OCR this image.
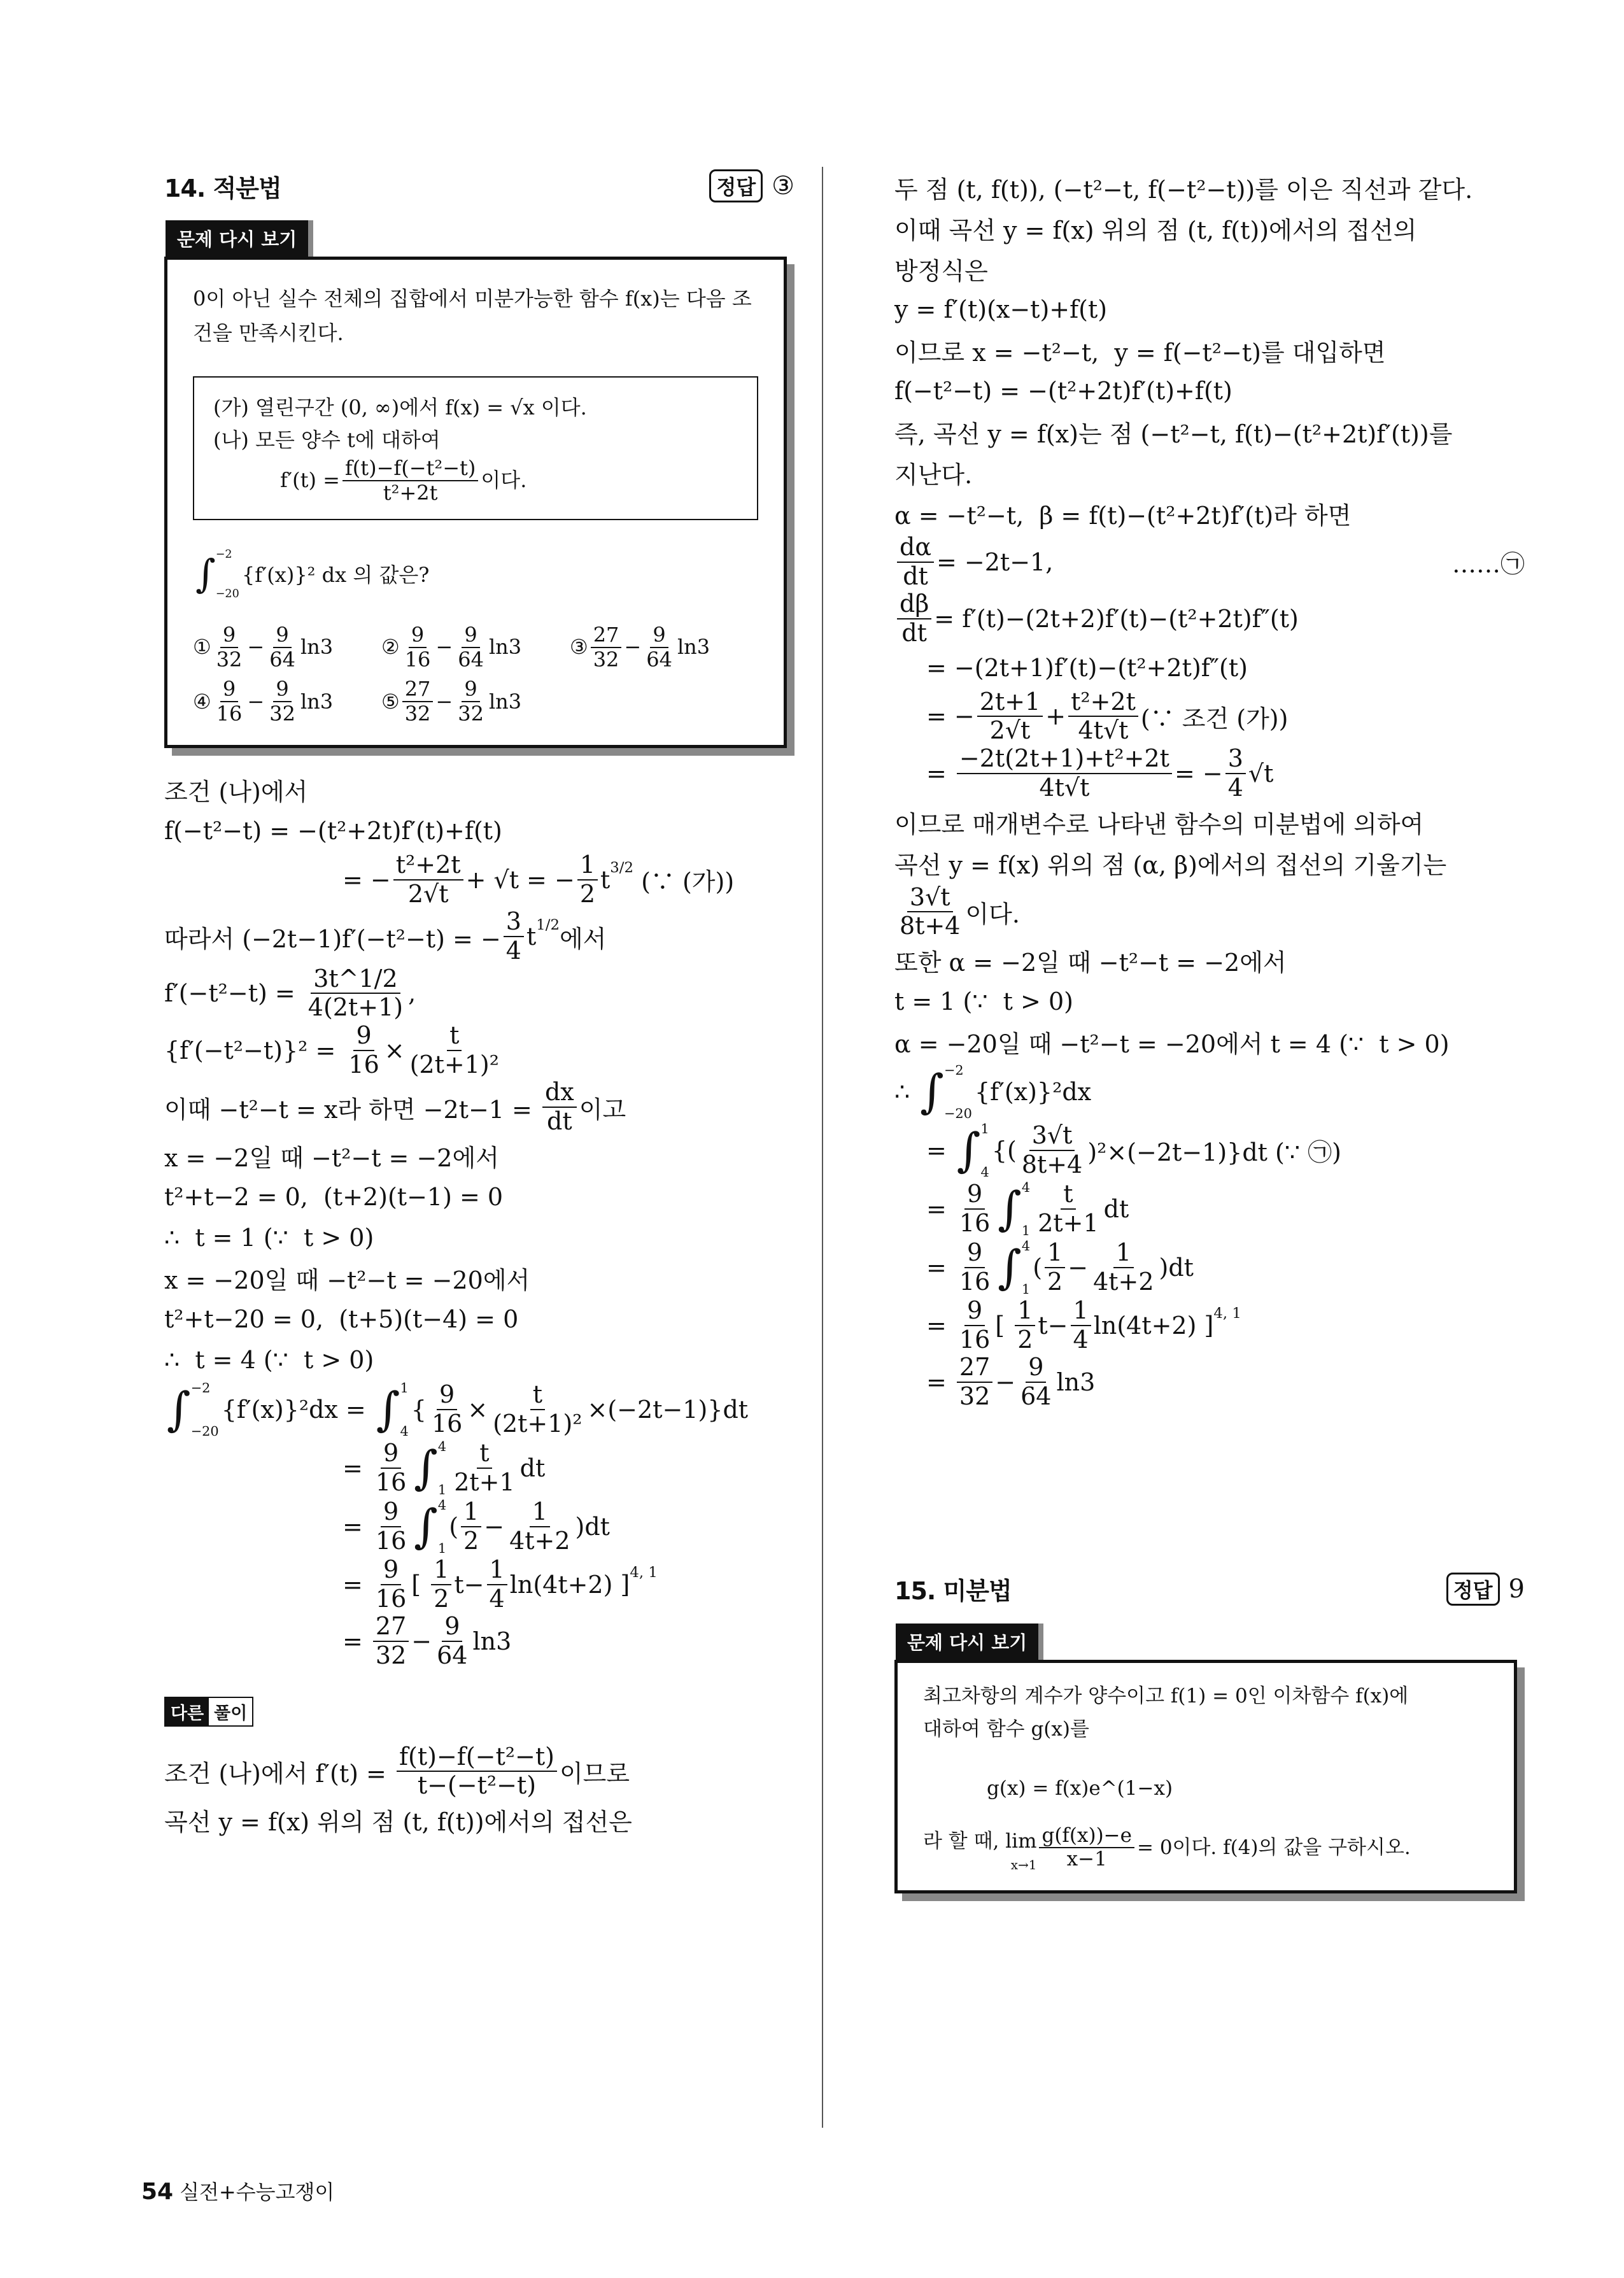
14. 적분법	정답 ③
문제 다시 보기
0이 아닌 실수 전체의 집합에서 미분가능한 함수 f(x)는 다음 조건을 만족시킨다.
(가) 열린구간 (0, ∞)에서 f(x) = √x 이다.
(나) 모든 양수 t에 대하여
$f'(t) = \frac{\text{f(t)−f(−t²−t)}}{\text{t²+2t}}$ 이다.
∫ −2
−20
{f′(x)}² dx 의 값은?
① $\frac{9}{32} - \frac{9}{64} \ln 3$ ② $\frac{9}{16} - \frac{9}{64} \ln 3$ ③ $\frac{27}{32} - \frac{9}{64} \ln 3$
④ $\frac{9}{16} - \frac{9}{32} \ln 3$ ⑤ $\frac{27}{32} - \frac{9}{32} \ln 3$
조건 (나)에서
f(−t²−t) = −(t²+2t)f′(t)+f(t)
= − $\frac{\text{t²+2t}}{2√t} + √t$ = − $\frac{1}{2}$ t 3/2 (∵ (가))
따라서 (−2t−1)f′(−t²−t) = − $\frac{3}{4}$ t 1/2 에서
$f'(-t^2-t) = \frac{3t\^{}1/2}{4(2t+1)}$ ,
$\{f'(-t^2-t)\}^2 = \frac{9}{16} \times \frac{t}{\text{(2t+1)²}}$
이때 −t²−t = x라 하면 $-2t-1 = \frac{dx}{dt}$ 이고
x = −2일 때 −t²−t = −2에서
t²+t−2 = 0,  (t+2)(t−1) = 0
∴  t = 1 (∵  t > 0)
x = −20일 때 −t²−t = −20에서
t²+t−20 = 0,  (t+5)(t−4) = 0
∴  t = 4 (∵  t > 0)
∫ −2
−20
{f′(x)}²dx = ∫ 1
4
{ $\frac{9}{16} \times \frac{t}{\text{(2t+1)²}} \times(-2t-1)\}dt$
= $\frac{9}{16}$ ∫ 4
$1 \frac{t}{2t+1}$ dt
= $\frac{9}{16}$ ∫ 4
1
( $\frac{1}{2} - \frac{1}{4t+2} )dt$
= $\frac{9}{16}$ [ $\frac{1}{2} t- \frac{1}{4} \ln(4t+2)$ ] 4, 1
= $\frac{27}{32} - \frac{9}{64} \ln 3$
다른 풀이
조건 (나)에서 $f'(t) = \frac{\text{f(t)−f(−t²−t)}}{\text{t−(−t²−t)}}$ 이므로
곡선 y = f(x) 위의 점 (t, f(t))에서의 접선은
두 점 (t, f(t)), (−t²−t, f(−t²−t))를 이은 직선과 같다.
이때 곡선 y = f(x) 위의 점 (t, f(t))에서의 접선의
방정식은
y = f′(t)(x−t)+f(t)
이므로 x = −t²−t,  y = f(−t²−t)를 대입하면
f(−t²−t) = −(t²+2t)f′(t)+f(t)
즉, 곡선 y = f(x)는 점 (−t²−t, f(t)−(t²+2t)f′(t))를
지난다.
α = −t²−t,  β = f(t)−(t²+2t)f′(t)라 하면
$\frac{d\alpha}{dt} = -2t-1$,	……㉠
$\frac{d\beta}{dt} = f'(t)-(2t+2)f'(t)-(t^2+2t)f''(t)$
= −(2t+1)f′(t)−(t²+2t)f″(t)
= − $\frac{2t+1}{2√t} + \frac{\text{t²+2t}}{4t√t}$ (∵ 조건 (가))
= $\frac{\text{−2t(2t+1)+t²+2t}}{4t√t}$ = − $\frac{3}{4} √t$
이므로 매개변수로 나타낸 함수의 미분법에 의하여
곡선 y = f(x) 위의 점 (α, β)에서의 접선의 기울기는
$\frac{3√t}{8t+4}$ 이다.
또한 α = −2일 때 −t²−t = −2에서
t = 1 (∵  t > 0)
α = −20일 때 −t²−t = −20에서 t = 4 (∵  t > 0)
∴ ∫ −2
−20
{f′(x)}²dx
= ∫ 1
4
{( $\frac{3√t}{8t+4} )^2\times(-2t-1)\}dt$ (∵ ㉠)
= $\frac{9}{16}$ ∫ 4
$1 \frac{t}{2t+1}$ dt
= $\frac{9}{16}$ ∫ 4
1
( $\frac{1}{2} - \frac{1}{4t+2} )dt$
= $\frac{9}{16}$ [ $\frac{1}{2} t- \frac{1}{4} \ln(4t+2)$ ] 4, 1
= $\frac{27}{32} - \frac{9}{64} \ln 3$
15. 미분법	정답 9
문제 다시 보기
최고차항의 계수가 양수이고 f(1) = 0인 이차함수 f(x)에
대하여 함수 g(x)를
g(x) = f(x)e^(1−x)
라 할 때, lim
$x\to 1 \frac{g(f(x))-e}{x-1} = 0$이다. f(4)의 값을 구하시오.
54 실전+수능고쟁이
